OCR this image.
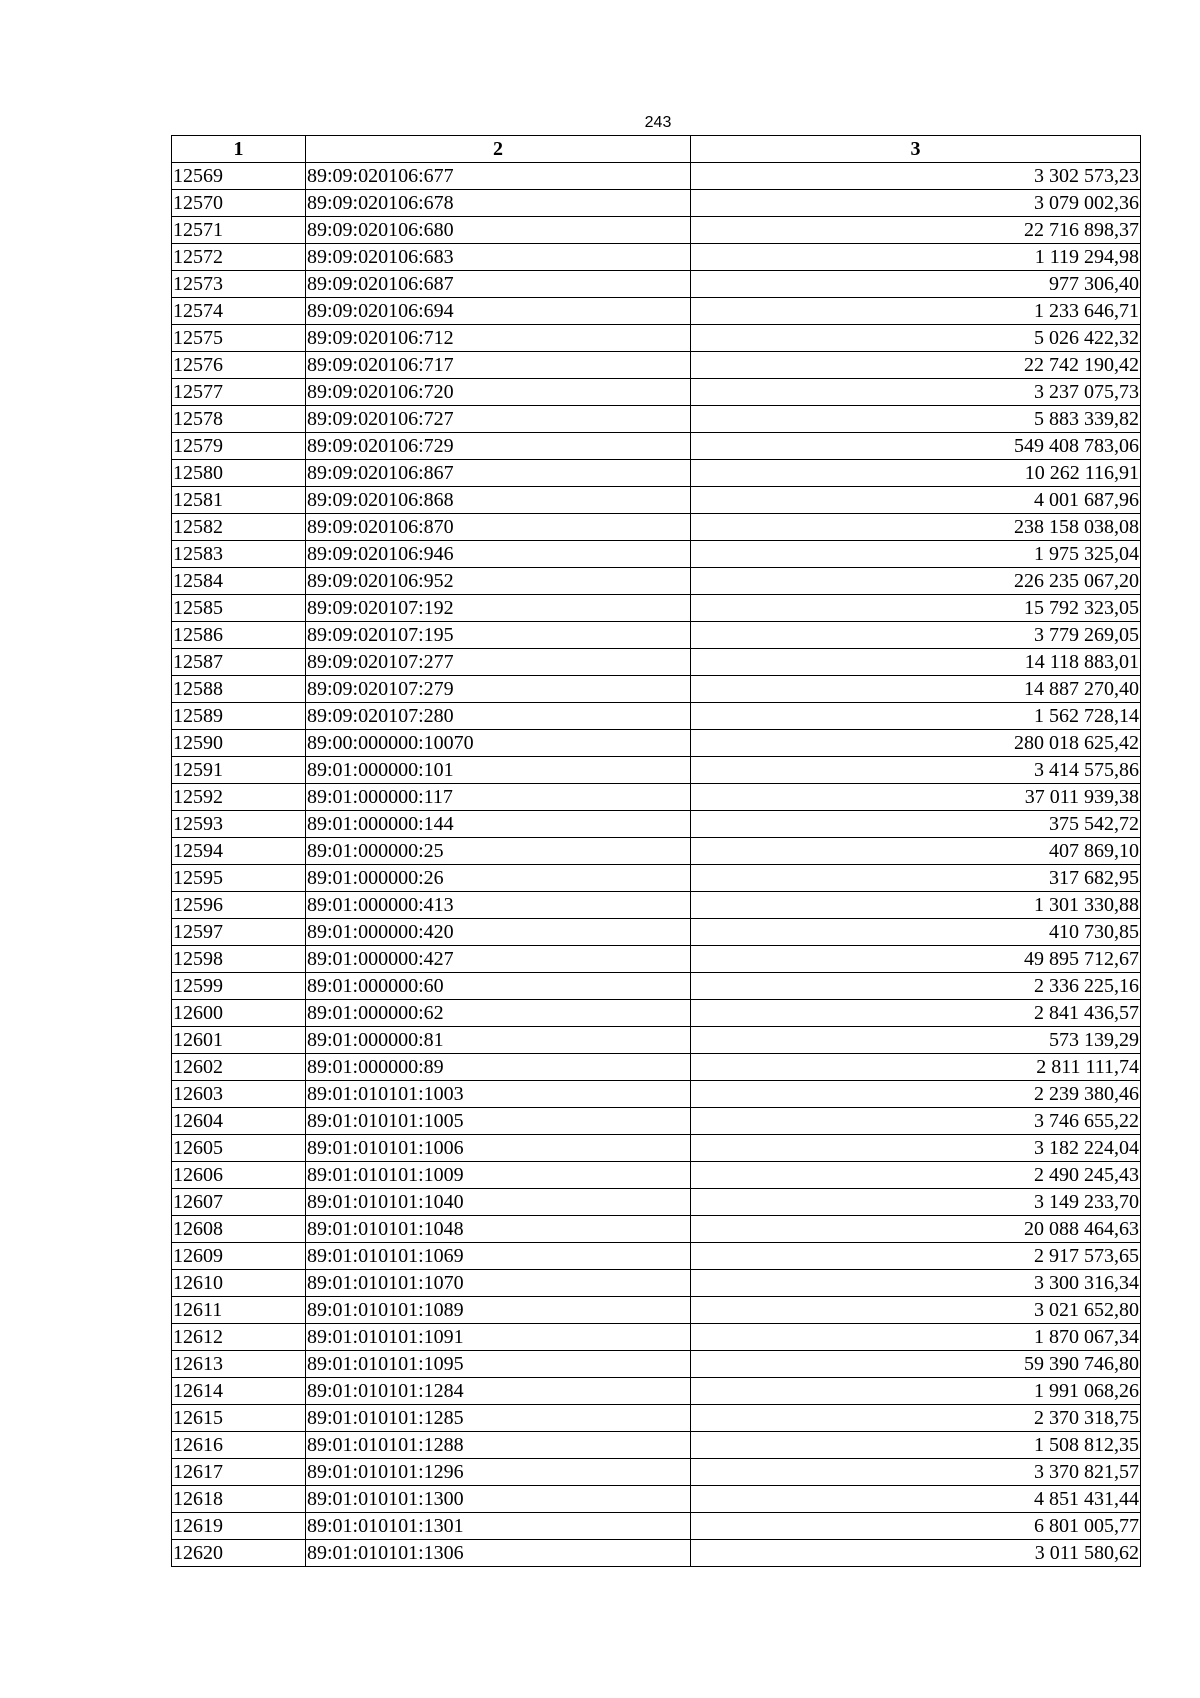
243
1	2	3
12569	89:09:020106:677	3 302 573,23
12570	89:09:020106:678	3 079 002,36
12571	89:09:020106:680	22 716 898,37
12572	89:09:020106:683	1 119 294,98
12573	89:09:020106:687	977 306,40
12574	89:09:020106:694	1 233 646,71
12575	89:09:020106:712	5 026 422,32
12576	89:09:020106:717	22 742 190,42
12577	89:09:020106:720	3 237 075,73
12578	89:09:020106:727	5 883 339,82
12579	89:09:020106:729	549 408 783,06
12580	89:09:020106:867	10 262 116,91
12581	89:09:020106:868	4 001 687,96
12582	89:09:020106:870	238 158 038,08
12583	89:09:020106:946	1 975 325,04
12584	89:09:020106:952	226 235 067,20
12585	89:09:020107:192	15 792 323,05
12586	89:09:020107:195	3 779 269,05
12587	89:09:020107:277	14 118 883,01
12588	89:09:020107:279	14 887 270,40
12589	89:09:020107:280	1 562 728,14
12590	89:00:000000:10070	280 018 625,42
12591	89:01:000000:101	3 414 575,86
12592	89:01:000000:117	37 011 939,38
12593	89:01:000000:144	375 542,72
12594	89:01:000000:25	407 869,10
12595	89:01:000000:26	317 682,95
12596	89:01:000000:413	1 301 330,88
12597	89:01:000000:420	410 730,85
12598	89:01:000000:427	49 895 712,67
12599	89:01:000000:60	2 336 225,16
12600	89:01:000000:62	2 841 436,57
12601	89:01:000000:81	573 139,29
12602	89:01:000000:89	2 811 111,74
12603	89:01:010101:1003	2 239 380,46
12604	89:01:010101:1005	3 746 655,22
12605	89:01:010101:1006	3 182 224,04
12606	89:01:010101:1009	2 490 245,43
12607	89:01:010101:1040	3 149 233,70
12608	89:01:010101:1048	20 088 464,63
12609	89:01:010101:1069	2 917 573,65
12610	89:01:010101:1070	3 300 316,34
12611	89:01:010101:1089	3 021 652,80
12612	89:01:010101:1091	1 870 067,34
12613	89:01:010101:1095	59 390 746,80
12614	89:01:010101:1284	1 991 068,26
12615	89:01:010101:1285	2 370 318,75
12616	89:01:010101:1288	1 508 812,35
12617	89:01:010101:1296	3 370 821,57
12618	89:01:010101:1300	4 851 431,44
12619	89:01:010101:1301	6 801 005,77
12620	89:01:010101:1306	3 011 580,62
